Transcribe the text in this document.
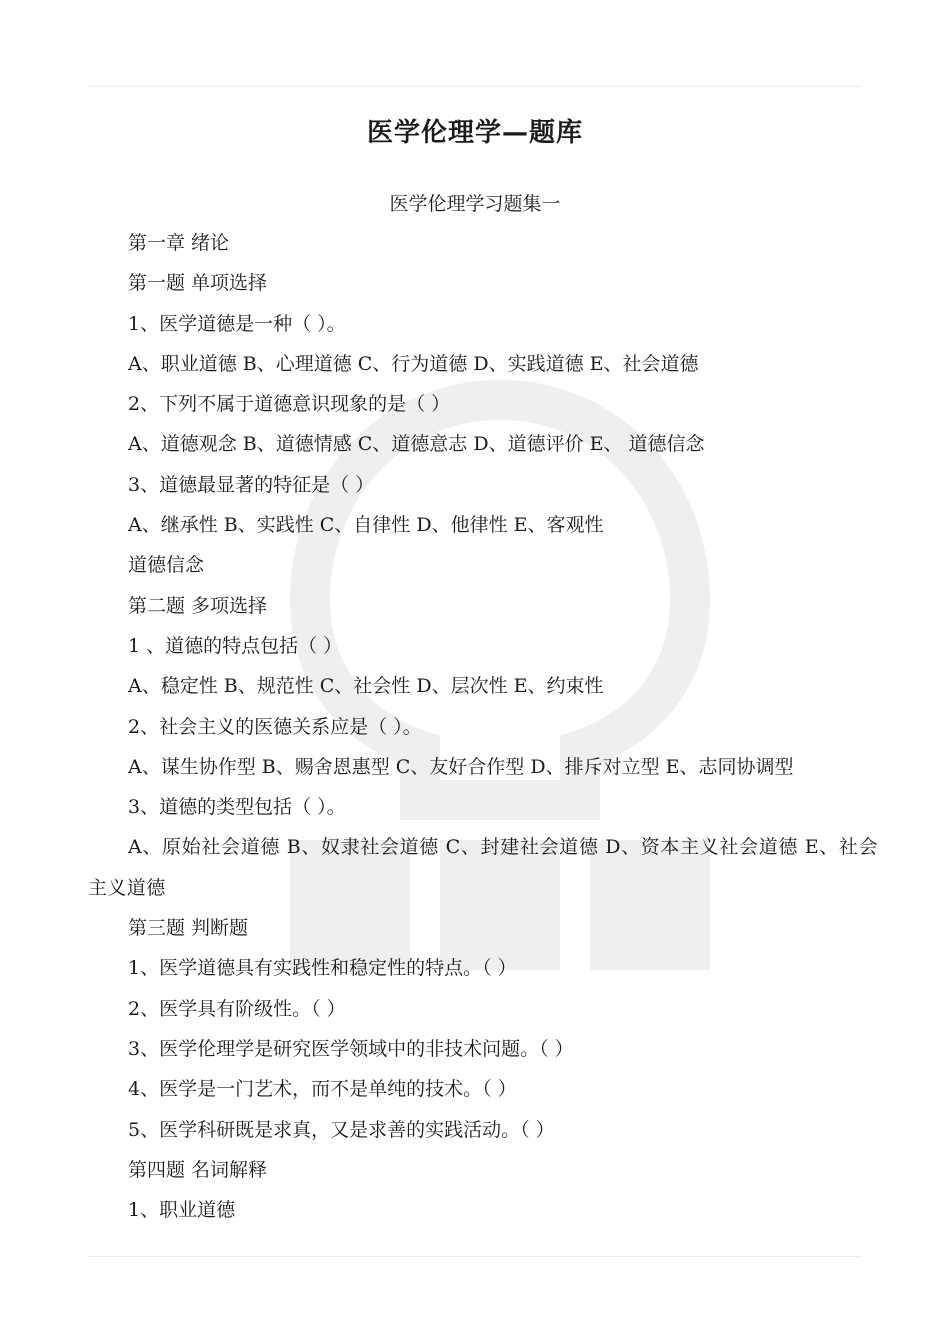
医学伦理学—题库
医学伦理学习题集一
第一章 绪论
第一题 单项选择
1、医学道德是一种（ ）。
A、职业道德 B、心理道德 C、行为道德 D、实践道德 E、社会道德
2、下列不属于道德意识现象的是（ ）
A、道德观念 B、道德情感 C、道德意志 D、道德评价 E、 道德信念
3、道德最显著的特征是（ ）
A、继承性 B、实践性 C、自律性 D、他律性 E、客观性
道德信念
第二题 多项选择
1 、道德的特点包括（ ）
A、稳定性 B、规范性 C、社会性 D、层次性 E、约束性
2、社会主义的医德关系应是（ ）。
A、谋生协作型 B、赐舍恩惠型 C、友好合作型 D、排斥对立型 E、志同协调型
3、道德的类型包括（ ）。
A、原始社会道德 B、奴隶社会道德 C、封建社会道德 D、资本主义社会道德 E、社会主义道德
第三题 判断题
1、医学道德具有实践性和稳定性的特点。（ ）
2、医学具有阶级性。（ ）
3、医学伦理学是研究医学领域中的非技术问题。（ ）
4、医学是一门艺术，而不是单纯的技术。（ ）
5、医学科研既是求真，又是求善的实践活动。（ ）
第四题 名词解释
1、职业道德
